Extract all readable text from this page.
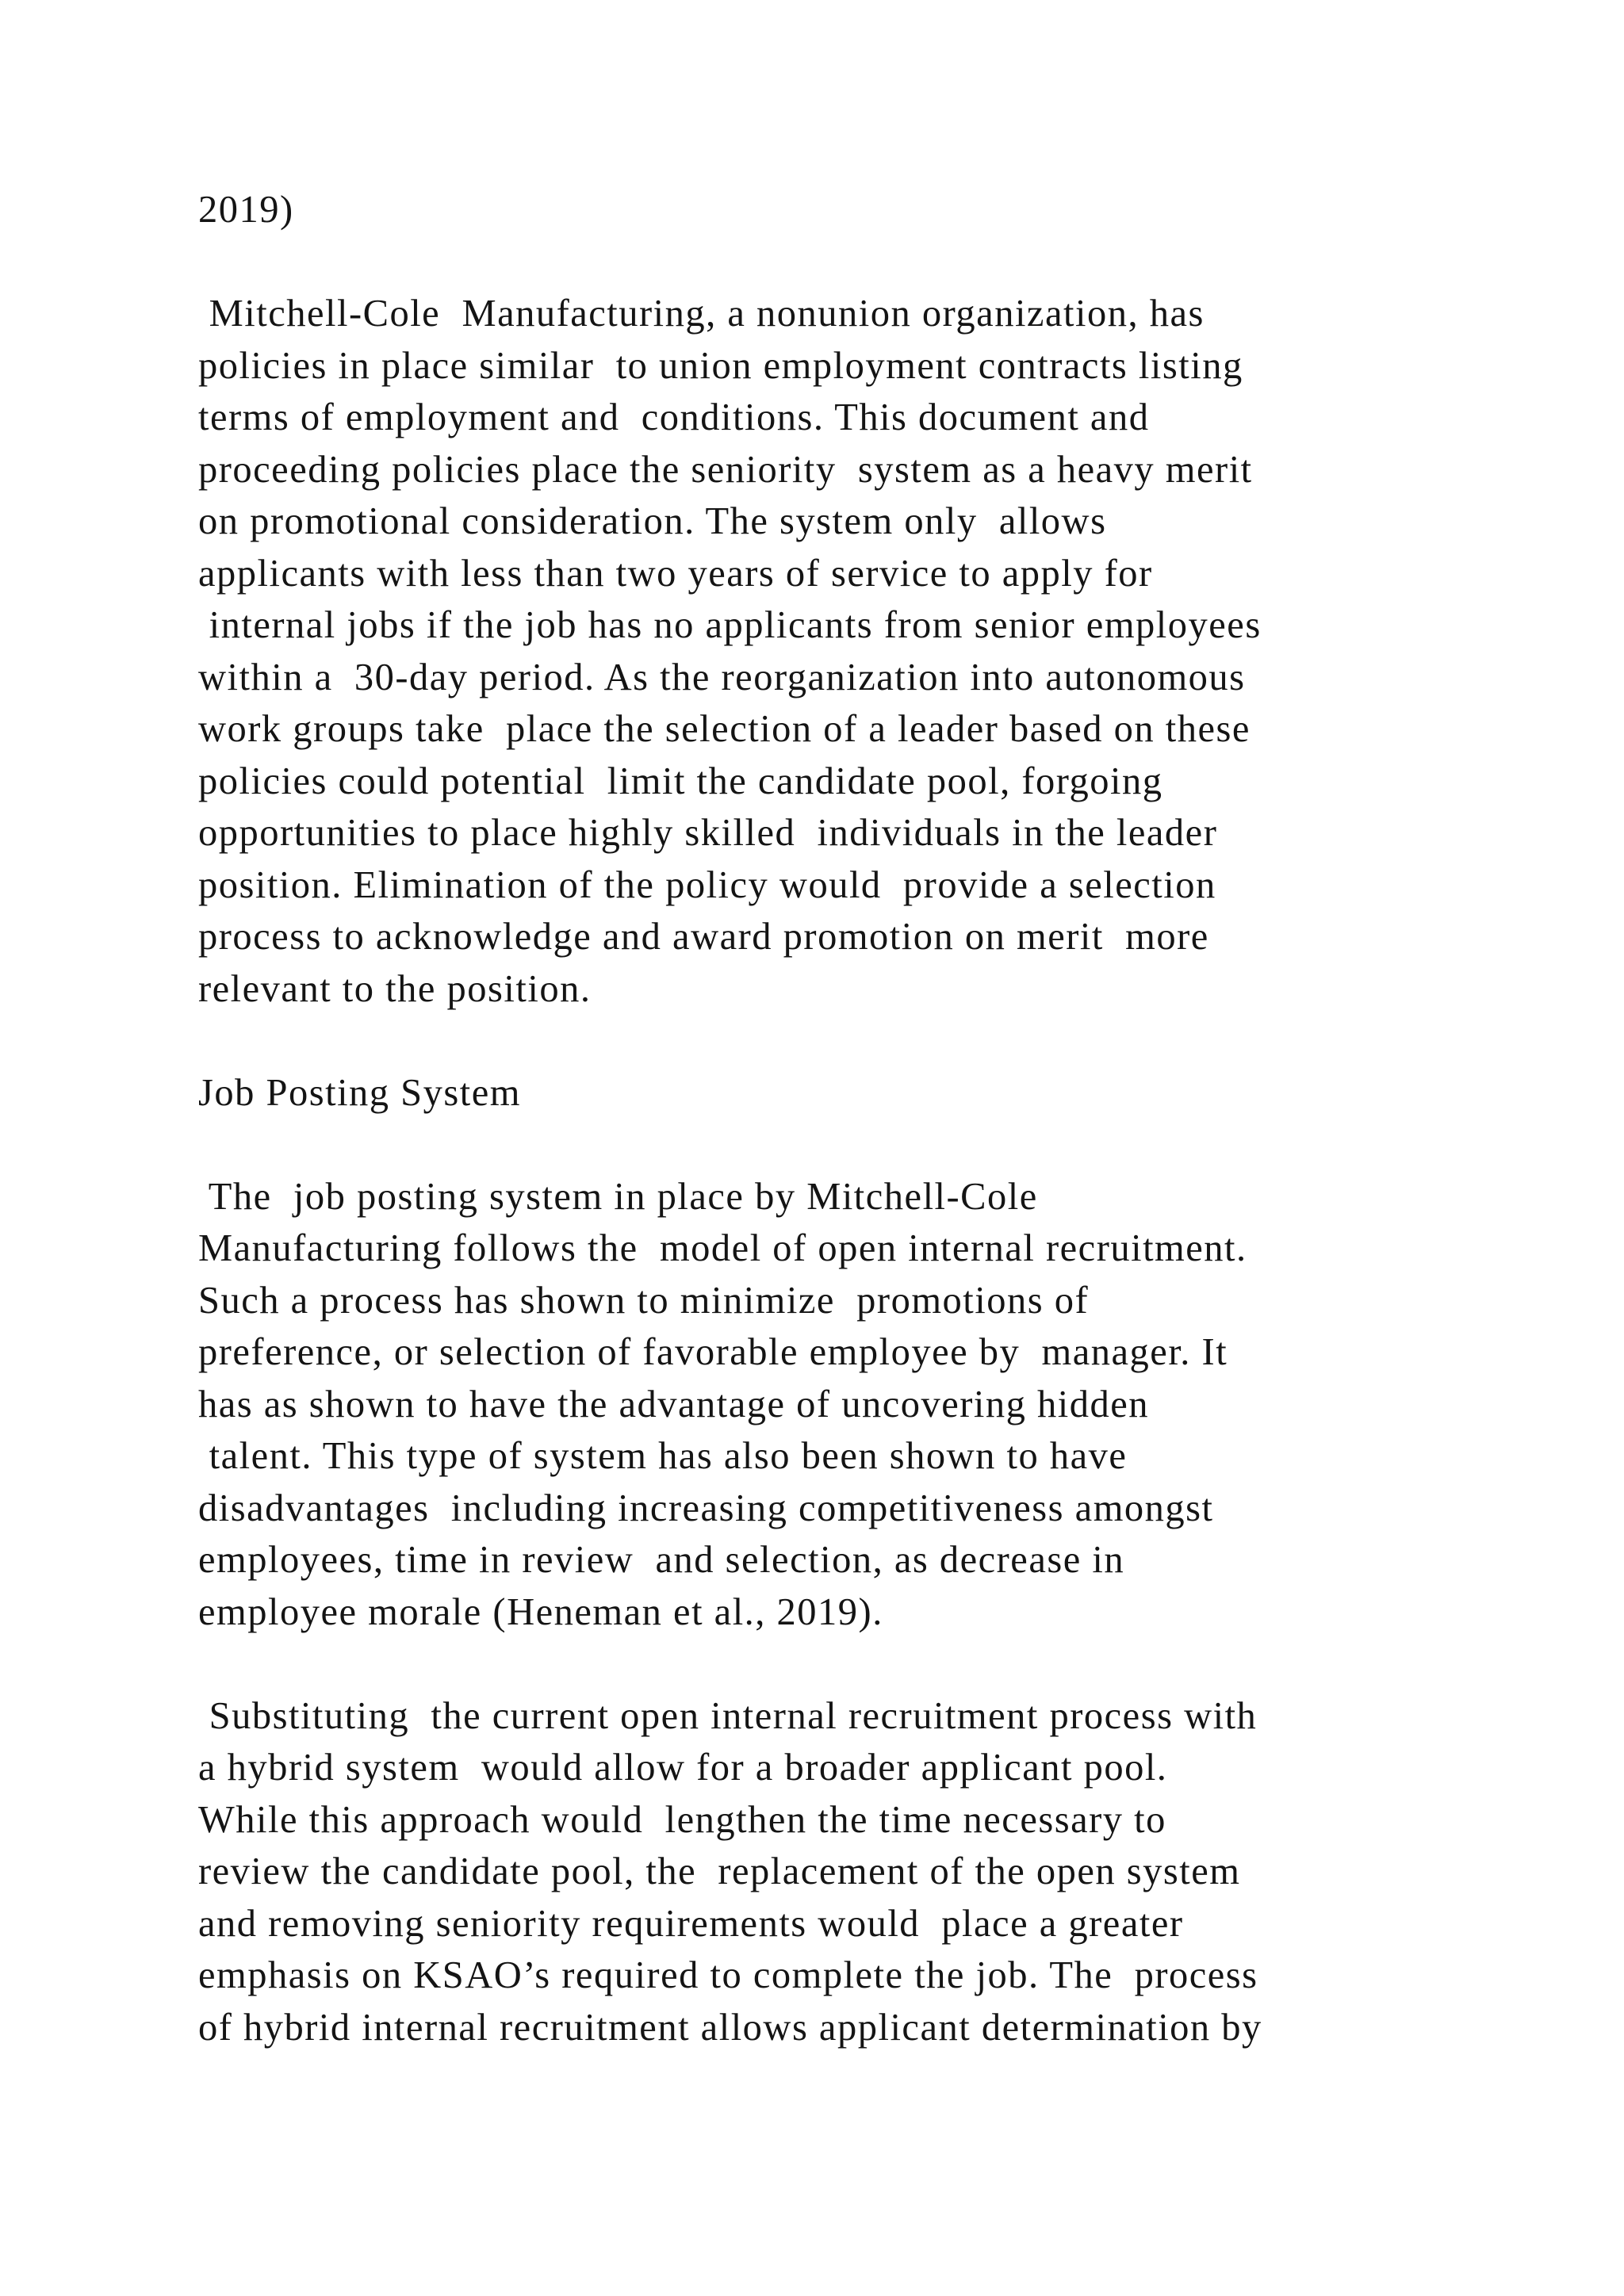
2019)
Mitchell-Cole  Manufacturing, a nonunion organization, has
policies in place similar  to union employment contracts listing
terms of employment and  conditions. This document and
proceeding policies place the seniority  system as a heavy merit
on promotional consideration. The system only  allows
applicants with less than two years of service to apply for
internal jobs if the job has no applicants from senior employees
within a  30-day period. As the reorganization into autonomous
work groups take  place the selection of a leader based on these
policies could potential  limit the candidate pool, forgoing
opportunities to place highly skilled  individuals in the leader
position. Elimination of the policy would  provide a selection
process to acknowledge and award promotion on merit  more
relevant to the position.
Job Posting System
The  job posting system in place by Mitchell-Cole
Manufacturing follows the  model of open internal recruitment.
Such a process has shown to minimize  promotions of
preference, or selection of favorable employee by  manager. It
has as shown to have the advantage of uncovering hidden
talent. This type of system has also been shown to have
disadvantages  including increasing competitiveness amongst
employees, time in review  and selection, as decrease in
employee morale (Heneman et al., 2019).
Substituting  the current open internal recruitment process with
a hybrid system  would allow for a broader applicant pool.
While this approach would  lengthen the time necessary to
review the candidate pool, the  replacement of the open system
and removing seniority requirements would  place a greater
emphasis on KSAO’s required to complete the job. The  process
of hybrid internal recruitment allows applicant determination by
